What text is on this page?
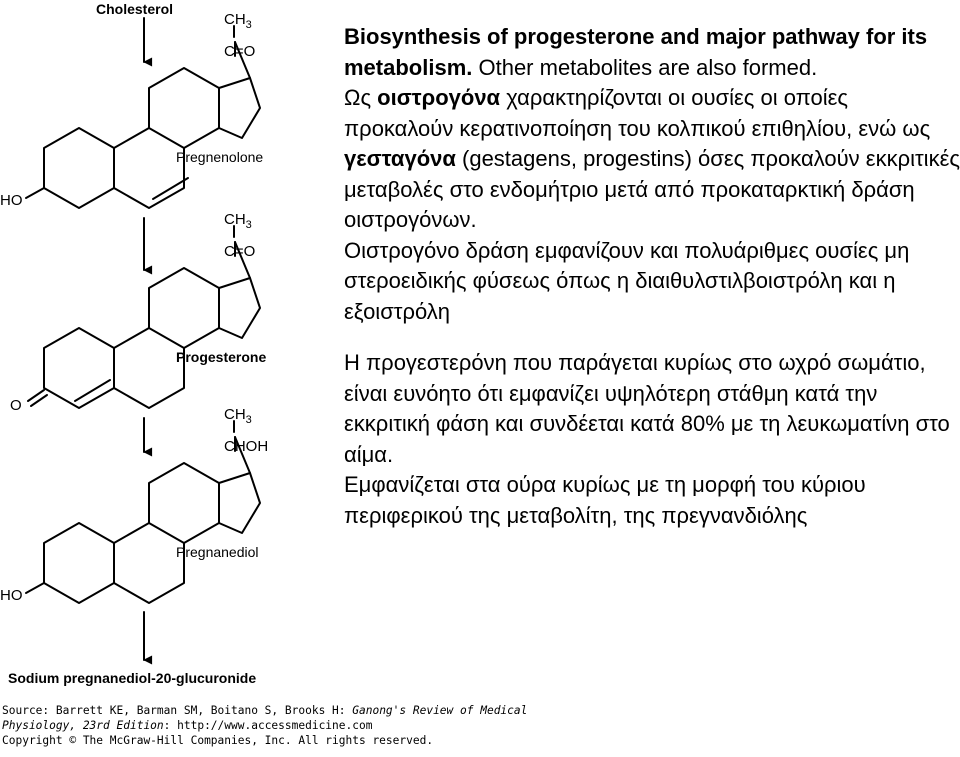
Cholesterol
HO
C=O
$CH_3$
Pregnenolone
O
C=O
$CH_3$
Progesterone
HO
CHOH
$CH_3$
Pregnanediol
Sodium pregnanediol-20-glucuronide

Biosynthesis of progesterone and major pathway for its metabolism. Other metabolites are also formed.

Ως οιστρογόνα χαρακτηρίζονται οι ουσίες οι οποίες προκαλούν κερατινοποίηση του κολπικού επιθηλίου, ενώ ως γεσταγόνα (gestagens, progestins) όσες προκαλούν εκκριτικές μεταβολές στο ενδομήτριο μετά από προκαταρκτική δράση οιστρογόνων.

Οιστρογόνο δράση εμφανίζουν και πολυάριθμες ουσίες μη στεροειδικής φύσεως όπως η διαιθυλστιλβοιστρόλη και η εξοιστρόλη

Η προγεστερόνη που παράγεται κυρίως στο ωχρό σωμάτιο, είναι ευνόητο ότι εμφανίζει υψηλότερη στάθμη κατά την εκκριτική φάση και συνδέεται κατά 80% με τη λευκωματίνη στο αίμα.

Εμφανίζεται στα ούρα κυρίως με τη μορφή του κύριου περιφερικού της μεταβολίτη, της πρεγνανδιόλης

Source: Barrett KE, Barman SM, Boitano S, Brooks H: Ganong's Review of Medical
Physiology, 23rd Edition: http://www.accessmedicine.com
Copyright © The McGraw-Hill Companies, Inc. All rights reserved.
